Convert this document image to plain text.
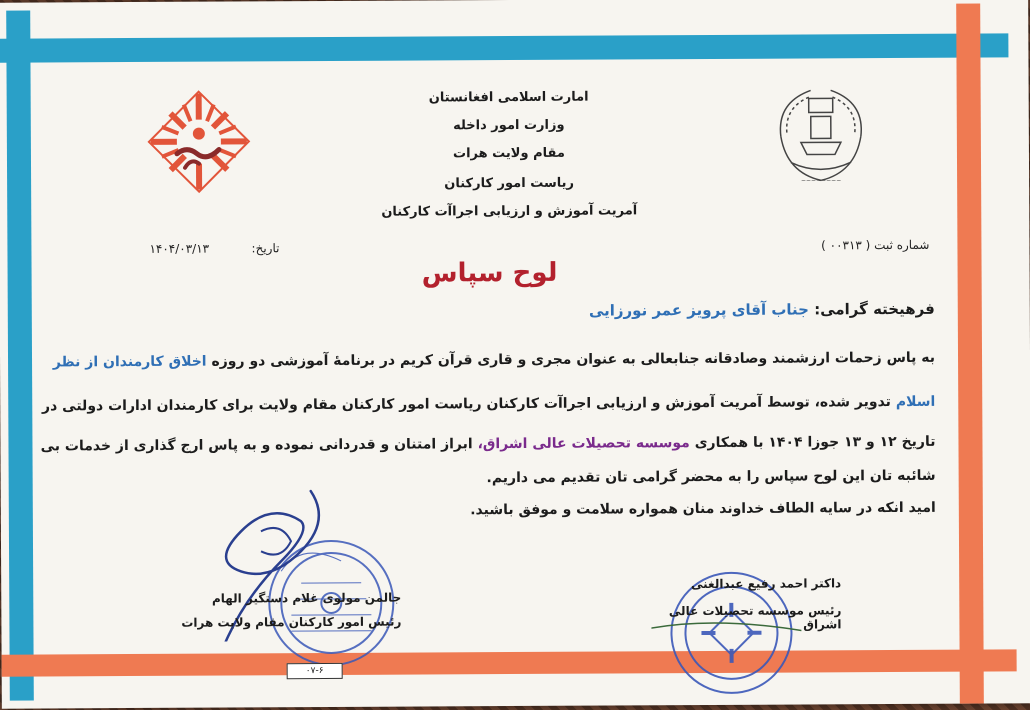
~~~~~~~~
امارت اسلامی افغانستان
وزارت امور داخله
مقام ولایت هرات
ریاست امور کارکنان
آمریت آموزش و ارزیابی اجراآت کارکنان
شماره ثبت ( ۰۰۳۱۳ )
تاریخ:
۱۴۰۴/۰۳/۱۳
لوح سپاس
فرهیخته گرامی: جناب آقای پرویز عمر نورزایی
به پاس زحمات ارزشمند وصادقانه جنابعالی به عنوان مجری و قاری قرآن کریم در برنامهٔ آموزشی دو روزه اخلاق کارمندان از نظر
اسلام تدویر شده، توسط آمریت آموزش و ارزیابی اجراآت کارکنان ریاست امور کارکنان مقام ولایت برای کارمندان ادارات دولتی در
تاریخ ۱۲ و ۱۳ جوزا ۱۴۰۴ با همکاری موسسه تحصیلات عالی اشراق، ابراز امتنان و قدردانی نموده و به پاس ارج گذاری از خدمات بی
شائبه تان این لوح سپاس را به محضر گرامی تان تقدیم می داریم.
امید انکه در سایه الطاف خداوند منان همواره سلامت و موفق باشید.
جالمن مولوی غلام دستگیر الهام
رئیس امور کارکنان مقام ولایت هرات
۰۷-۶
داکتر احمد رفیع عبدالغنی
رئیس موسسه تحصیلات عالی اشراق
